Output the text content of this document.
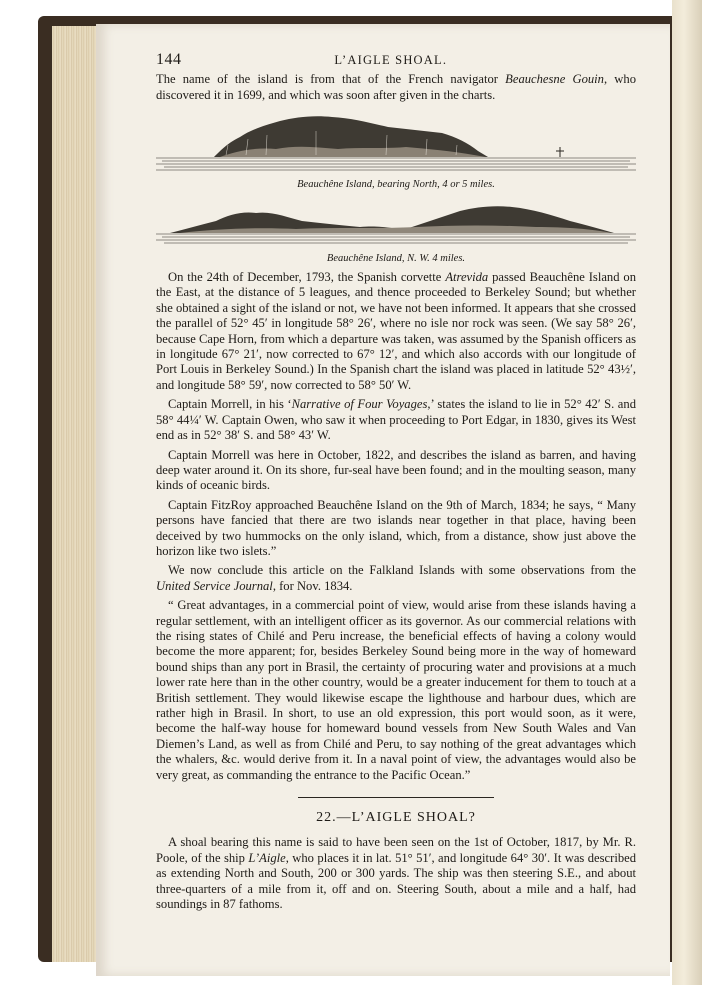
144	L’AIGLE SHOAL.

The name of the island is from that of the French navigator Beauchesne Gouin, who discovered it in 1699, and which was soon after given in the charts.

Beauchêne Island, bearing North, 4 or 5 miles.
Beauchêne Island, N. W. 4 miles.

On the 24th of December, 1793, the Spanish corvette Atrevida passed Beauchêne Island on the East, at the distance of 5 leagues, and thence proceeded to Berkeley Sound; but whether she obtained a sight of the island or not, we have not been informed. It appears that she crossed the parallel of 52° 45′ in longitude 58° 26′, where no isle nor rock was seen. (We say 58° 26′, because Cape Horn, from which a departure was taken, was assumed by the Spanish officers as in longitude 67° 21′, now corrected to 67° 12′, and which also accords with our longitude of Port Louis in Berkeley Sound.) In the Spanish chart the island was placed in latitude 52° 43½′, and longitude 58° 59′, now corrected to 58° 50′ W.

Captain Morrell, in his ‘Narrative of Four Voyages,’ states the island to lie in 52° 42′ S. and 58° 44¼′ W. Captain Owen, who saw it when proceeding to Port Edgar, in 1830, gives its West end as in 52° 38′ S. and 58° 43′ W.

Captain Morrell was here in October, 1822, and describes the island as barren, and having deep water around it. On its shore, fur-seal have been found; and in the moulting season, many kinds of oceanic birds.

Captain FitzRoy approached Beauchêne Island on the 9th of March, 1834; he says, “ Many persons have fancied that there are two islands near together in that place, having been deceived by two hummocks on the only island, which, from a distance, show just above the horizon like two islets.”

We now conclude this article on the Falkland Islands with some observations from the United Service Journal, for Nov. 1834.

“ Great advantages, in a commercial point of view, would arise from these islands having a regular settlement, with an intelligent officer as its governor. As our commercial relations with the rising states of Chilé and Peru increase, the beneficial effects of having a colony would become the more apparent; for, besides Berkeley Sound being more in the way of homeward bound ships than any port in Brasil, the certainty of procuring water and provisions at a much lower rate here than in the other country, would be a greater inducement for them to touch at a British settlement. They would likewise escape the lighthouse and harbour dues, which are rather high in Brasil. In short, to use an old expression, this port would soon, as it were, become the half-way house for homeward bound vessels from New South Wales and Van Diemen’s Land, as well as from Chilé and Peru, to say nothing of the great advantages which the whalers, &c. would derive from it. In a naval point of view, the advantages would also be very great, as commanding the entrance to the Pacific Ocean.”

22.—L’AIGLE SHOAL?

A shoal bearing this name is said to have been seen on the 1st of October, 1817, by Mr. R. Poole, of the ship L’Aigle, who places it in lat. 51° 51′, and longitude 64° 30′. It was described as extending North and South, 200 or 300 yards. The ship was then steering S.E., and about three-quarters of a mile from it, off and on. Steering South, about a mile and a half, had soundings in 87 fathoms.
